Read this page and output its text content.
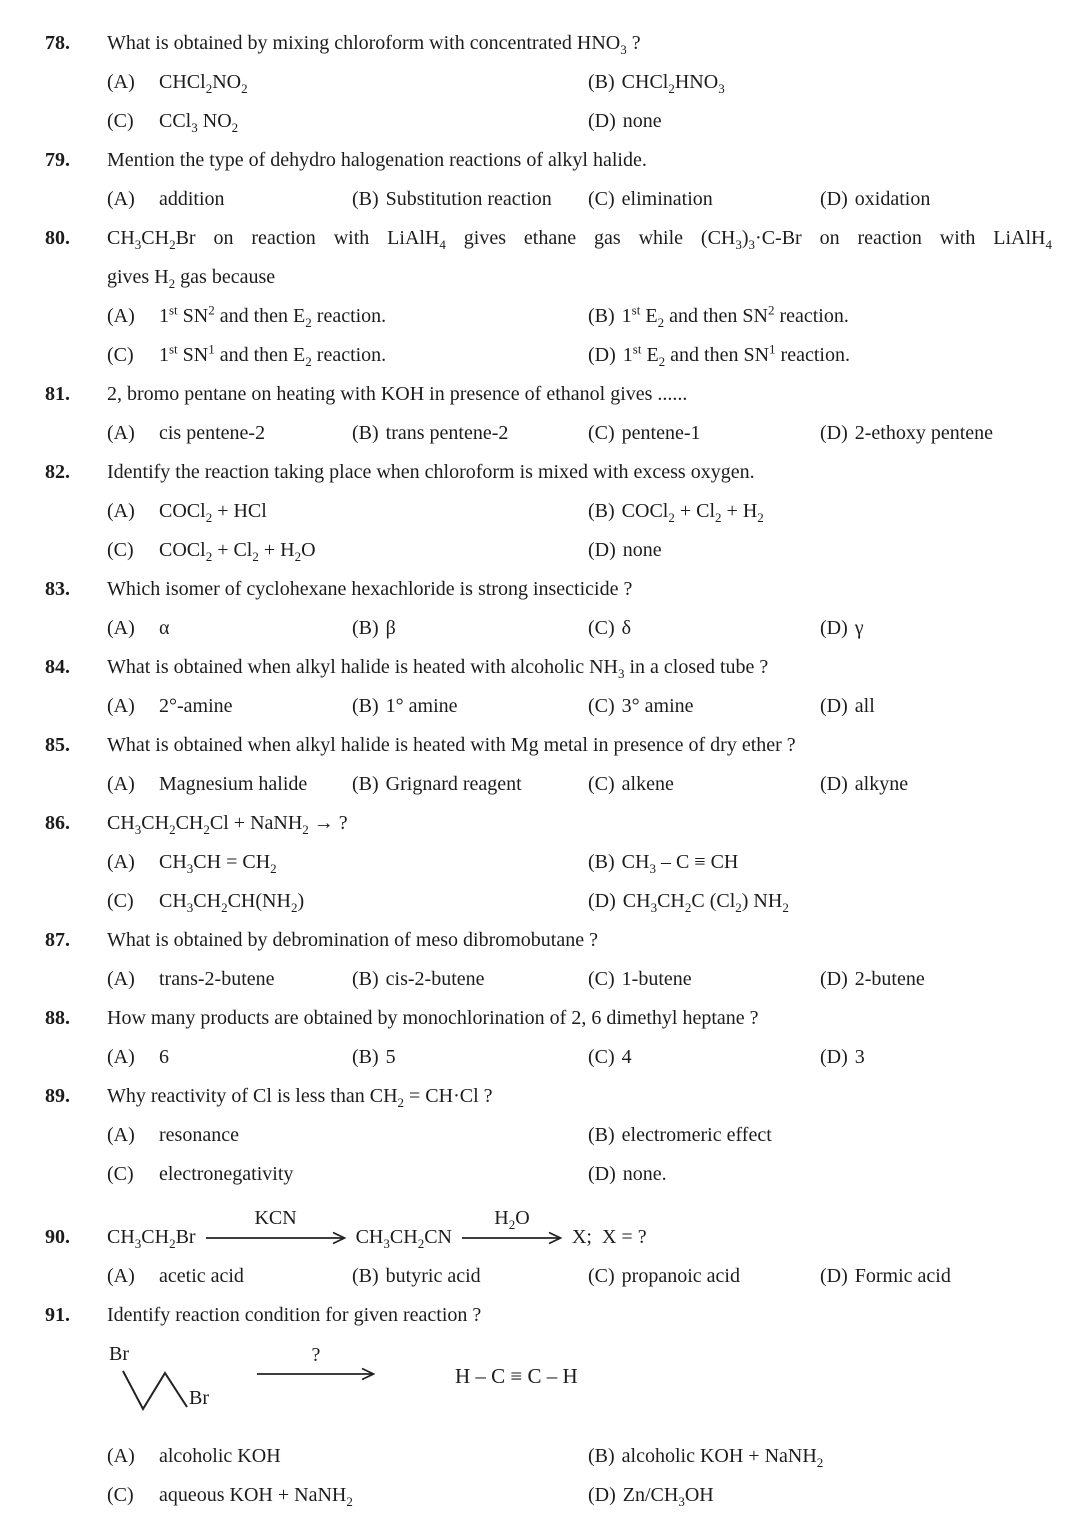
78.	What is obtained by mixing chloroform with concentrated $HNO_3$ ?
(A) $CHCl_2NO_2$	(B) $CHCl_2HNO_3$
(C) CCl$_3$ $NO_2$	(D) none
79.	Mention the type of dehydro halogenation reactions of alkyl halide.
(A) addition	(B) Substitution reaction	(C) elimination	(D) oxidation
80.	$CH_3CH_2Br$ on reaction with LiAlH$_4$ gives ethane gas while $(CH_3)_3\cdot C-Br$ on reaction with LiAlH$_4$
gives $H_2$ gas because
(A) 1st $SN^2$ and then $E_2$ reaction.	(B) 1st $E_2$ and then $SN^2$ reaction.
(C) 1st $SN^1$ and then $E_2$ reaction.	(D) 1st $E_2$ and then $SN^1$ reaction.
81.	2, bromo pentane on heating with KOH in presence of ethanol gives ......
(A) cis pentene-2	(B) trans pentene-2	(C) pentene-1	(D) 2-ethoxy pentene
82.	Identify the reaction taking place when chloroform is mixed with excess oxygen.
(A) COCl$_2$ + HCl	(B) COCl$_2$ + $Cl_2 + H_2$
(C) COCl$_2$ + $Cl_2 + H_2O$	(D) none
83.	Which isomer of cyclohexane hexachloride is strong insecticide ?
(A) α	(B) β	(C) δ	(D) γ
84.	What is obtained when alkyl halide is heated with alcoholic $NH_3$ in a closed tube ?
(A) 2°-amine	(B) 1° amine	(C) 3° amine	(D) all
85.	What is obtained when alkyl halide is heated with Mg metal in presence of dry ether ?
(A) Magnesium halide	(B) Grignard reagent	(C) alkene	(D) alkyne
86.	$CH_3CH_2CH_2Cl$ + NaNH$_2$ → ?
(A) $CH_3CH = CH_2$	(B) $CH_3$ – C ≡ CH
(C) $CH_3CH_2CH(NH_2)$	(D) $CH_3CH_2C$ $(Cl_2)$ $NH_2$
87.	What is obtained by debromination of meso dibromobutane ?
(A) trans-2-butene	(B) cis-2-butene	(C) 1-butene	(D) 2-butene
88.	How many products are obtained by monochlorination of 2, 6 dimethyl heptane ?
(A) 6	(B) 5	(C) 4	(D) 3
89.	Why reactivity of Cl is less than $CH_2 = CH\cdot Cl$ ?
(A) resonance	(B) electromeric effect
(C) electronegativity	(D) none.
90.	$CH_3CH_2Br$
KCN
$CH_3CH_2CN$
$H_2O$
X;  X = ?
(A) acetic acid	(B) butyric acid	(C) propanoic acid	(D) Formic acid
91.	Identify reaction condition for given reaction ?
Br
Br
?
H – C ≡ C – H
(A) alcoholic KOH	(B) alcoholic KOH + NaNH$_2$
(C) aqueous KOH + NaNH$_2$	(D) $Zn/CH_3OH$
